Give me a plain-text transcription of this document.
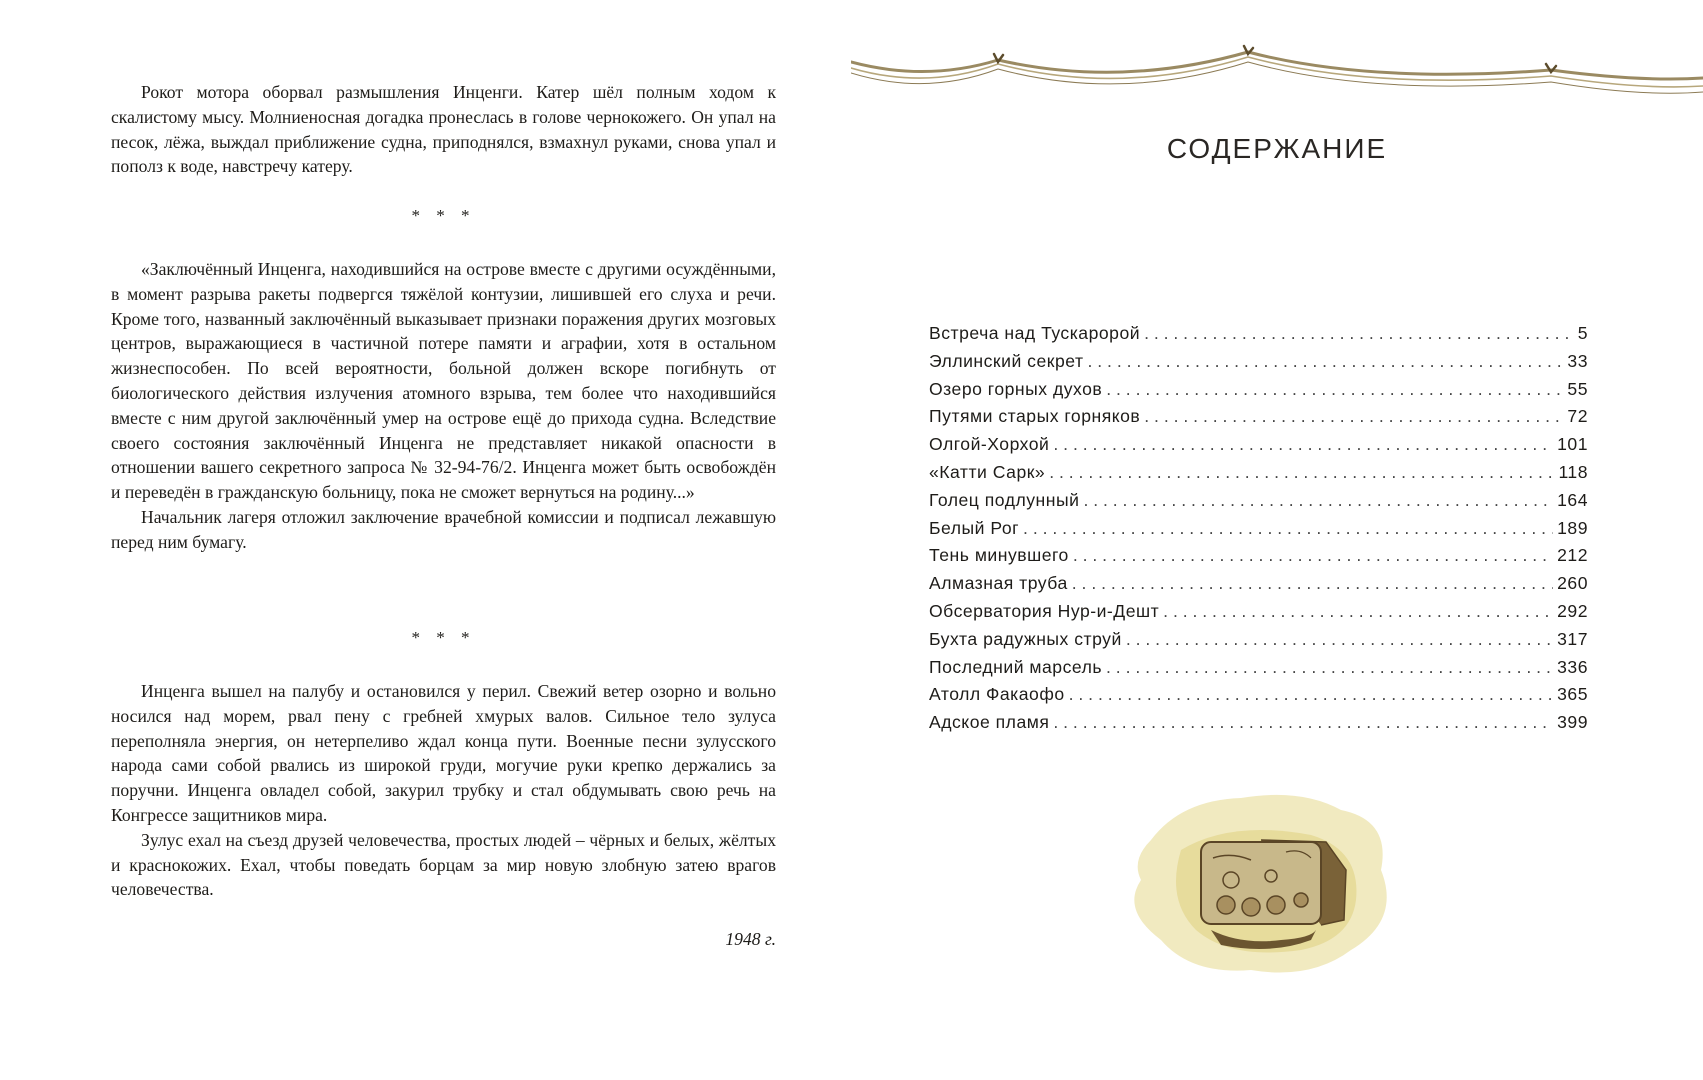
Рокот мотора оборвал размышления Инценги. Катер шёл полным ходом к скалистому мысу. Молниеносная догадка пронеслась в голове чернокожего. Он упал на песок, лёжа, выждал приближение судна, приподнялся, взмахнул руками, снова упал и пополз к воде, навстречу катеру.

* * *

«Заключённый Инценга, находившийся на острове вместе с другими осуждёнными, в момент разрыва ракеты подвергся тяжёлой контузии, лишившей его слуха и речи. Кроме того, названный заключённый выказывает признаки поражения других мозговых центров, выражающиеся в частичной потере памяти и аграфии, хотя в остальном жизнеспособен. По всей вероятности, больной должен вскоре погибнуть от биологического действия излучения атомного взрыва, тем более что находившийся вместе с ним другой заключённый умер на острове ещё до прихода судна. Вследствие своего состояния заключённый Инценга не представляет никакой опасности в отношении вашего секретного запроса № 32-94-76/2. Инценга может быть освобождён и переведён в гражданскую больницу, пока не сможет вернуться на родину...»

Начальник лагеря отложил заключение врачебной комиссии и подписал лежавшую перед ним бумагу.

* * *

Инценга вышел на палубу и остановился у перил. Свежий ветер озорно и вольно носился над морем, рвал пену с гребней хмурых валов. Сильное тело зулуса переполняла энергия, он нетерпеливо ждал конца пути. Военные песни зулусского народа сами собой рвались из широкой груди, могучие руки крепко держались за поручни. Инценга овладел собой, закурил трубку и стал обдумывать свою речь на Конгрессе защитников мира.

Зулус ехал на съезд друзей человечества, простых людей – чёрных и белых, жёлтых и краснокожих. Ехал, чтобы поведать борцам за мир новую злобную затею врагов человечества.

1948 г.
СОДЕРЖАНИЕ
Встреча над Тускаророй . . .	5
Эллинский секрет . . .	33
Озеро горных духов . . .	55
Путями старых горняков . . .	72
Олгой-Хорхой . . .	101
«Катти Сарк» . . .	118
Голец подлунный . . .	164
Белый Рог . . .	189
Тень минувшего . . .	212
Алмазная труба . . .	260
Обсерватория Нур-и-Дешт . . .	292
Бухта радужных струй . . .	317
Последний марсель . . .	336
Атолл Факаофо . . .	365
Адское пламя . . .	399
